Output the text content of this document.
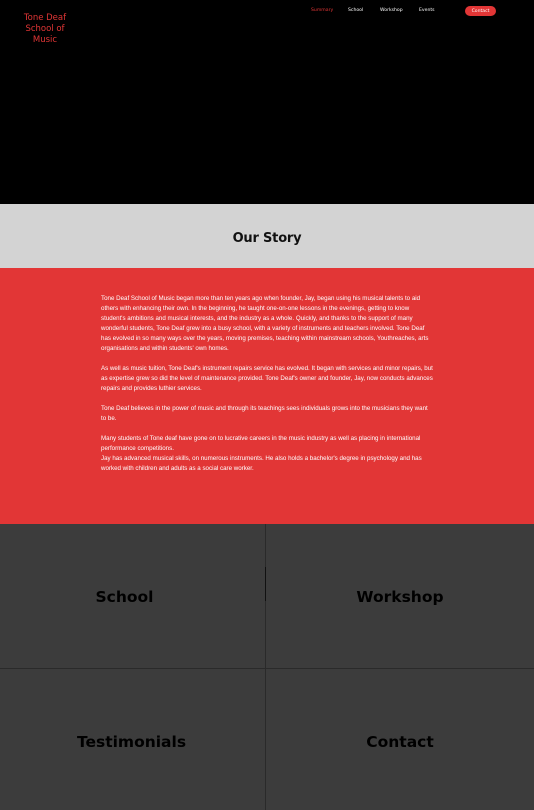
Tone Deaf
School of Music
Summary	School	Workshop	Events	Contact
Our Story

Tone Deaf School of Music began more than ten years ago when founder, Jay, began using his musical talents to aid others with enhancing their own. In the beginning, he taught one-on-one lessons in the evenings, getting to know student's ambitions and musical interests, and the industry as a whole. Quickly, and thanks to the support of many wonderful students, Tone Deaf grew into a busy school, with a variety of instruments and teachers involved. Tone Deaf has evolved in so many ways over the years, moving premises, teaching within mainstream schools, Youthreaches, arts organisations and within students' own homes.

As well as music tuition, Tone Deaf's instrument repairs service has evolved. It began with services and minor repairs, but as expertise grew so did the level of maintenance provided. Tone Deaf's owner and founder, Jay, now conducts advances repairs and provides luthier services.

Tone Deaf believes in the power of music and through its teachings sees individuals grows into the musicians they want to be.

Many students of Tone deaf have gone on to lucrative careers in the music industry as well as placing in international performance competitions.

Jay has advanced musical skills, on numerous instruments. He also holds a bachelor's degree in psychology and has worked with children and adults as a social care worker.

School	Workshop
Testimonials	Contact
